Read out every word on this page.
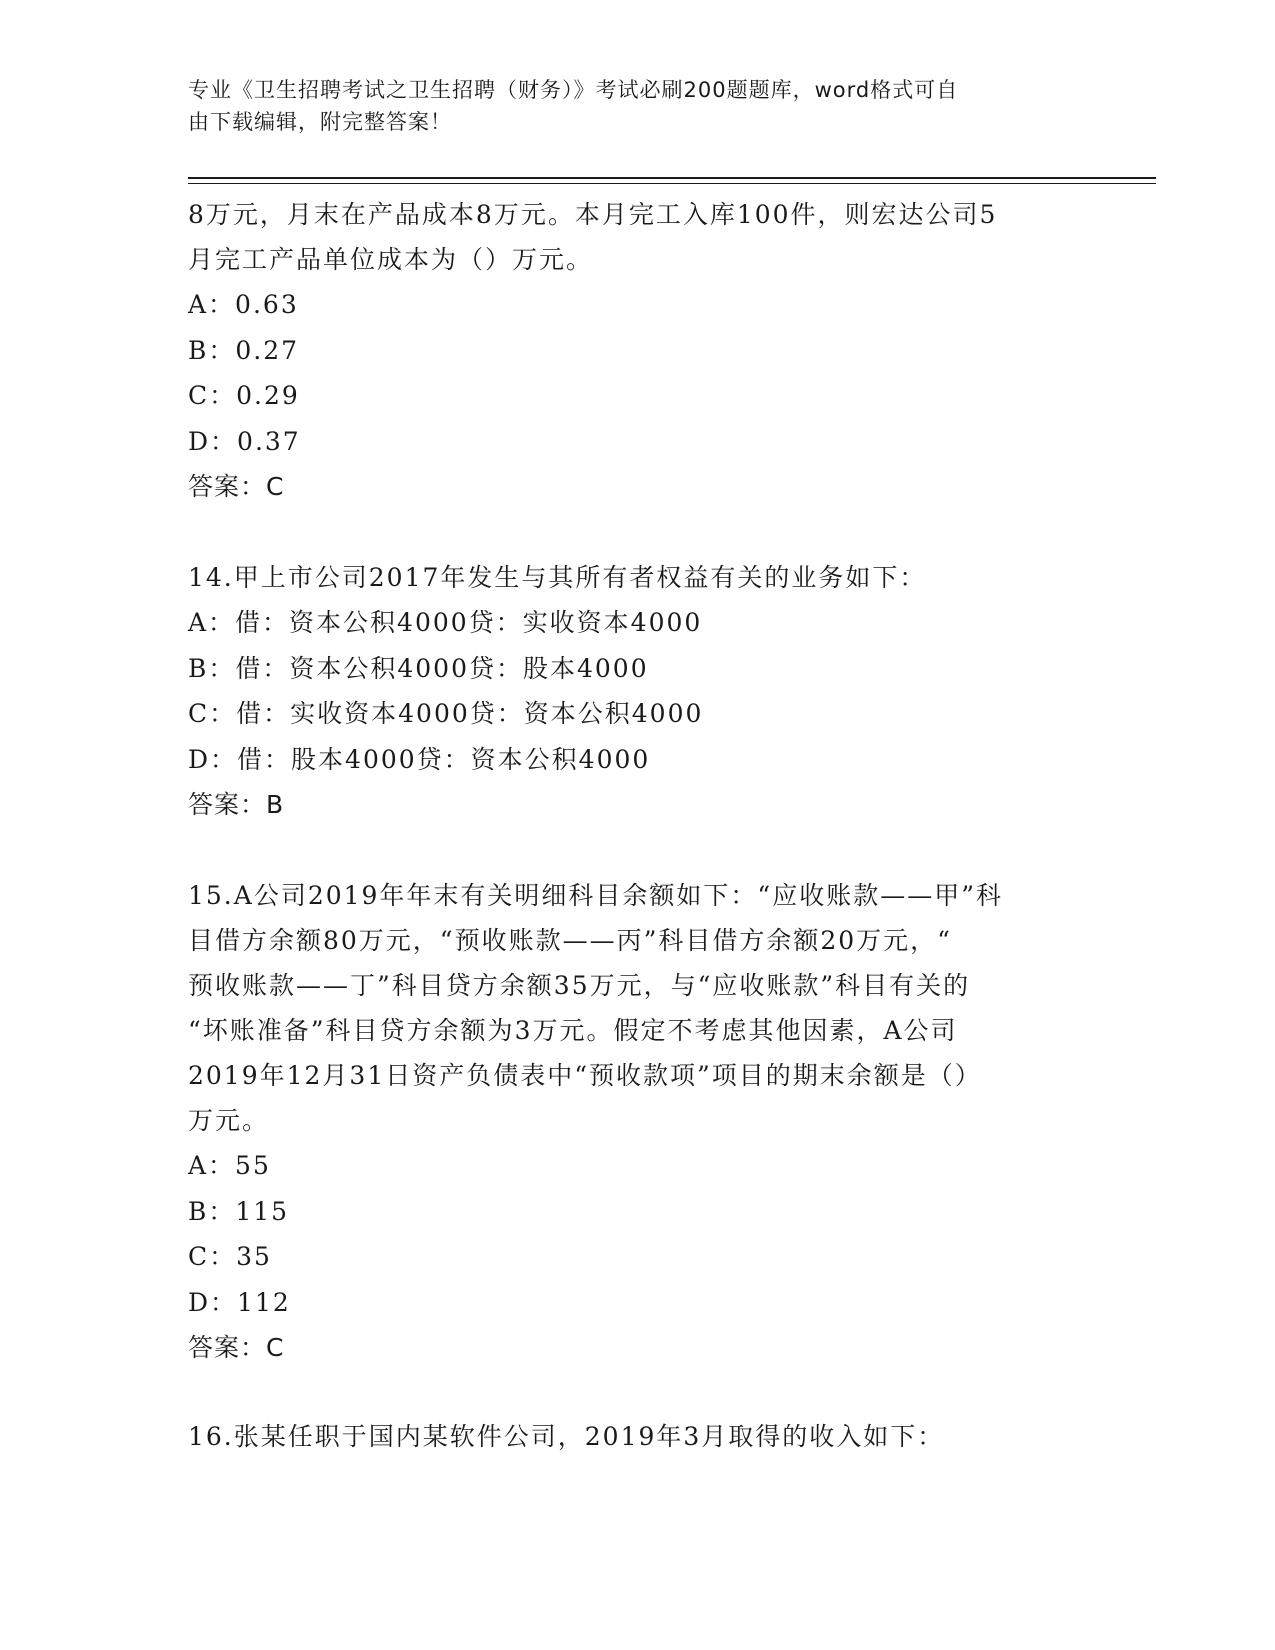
专业《卫生招聘考试之卫生招聘（财务）》考试必刷200题题库，word格式可自
由下载编辑，附完整答案！
8万元，月末在产品成本8万元。本月完工入库100件，则宏达公司5
月完工产品单位成本为（）万元。
A：0.63
B：0.27
C：0.29
D：0.37
答案：C
14.甲上市公司2017年发生与其所有者权益有关的业务如下：
A：借：资本公积4000贷：实收资本4000
B：借：资本公积4000贷：股本4000
C：借：实收资本4000贷：资本公积4000
D：借：股本4000贷：资本公积4000
答案：B
15.A公司2019年年末有关明细科目余额如下：“应收账款——甲”科
目借方余额80万元，“预收账款——丙”科目借方余额20万元，“
预收账款——丁”科目贷方余额35万元，与“应收账款”科目有关的
“坏账准备”科目贷方余额为3万元。假定不考虑其他因素，A公司
2019年12月31日资产负债表中“预收款项”项目的期末余额是（）
万元。
A：55
B：115
C：35
D：112
答案：C
16.张某任职于国内某软件公司，2019年3月取得的收入如下：
